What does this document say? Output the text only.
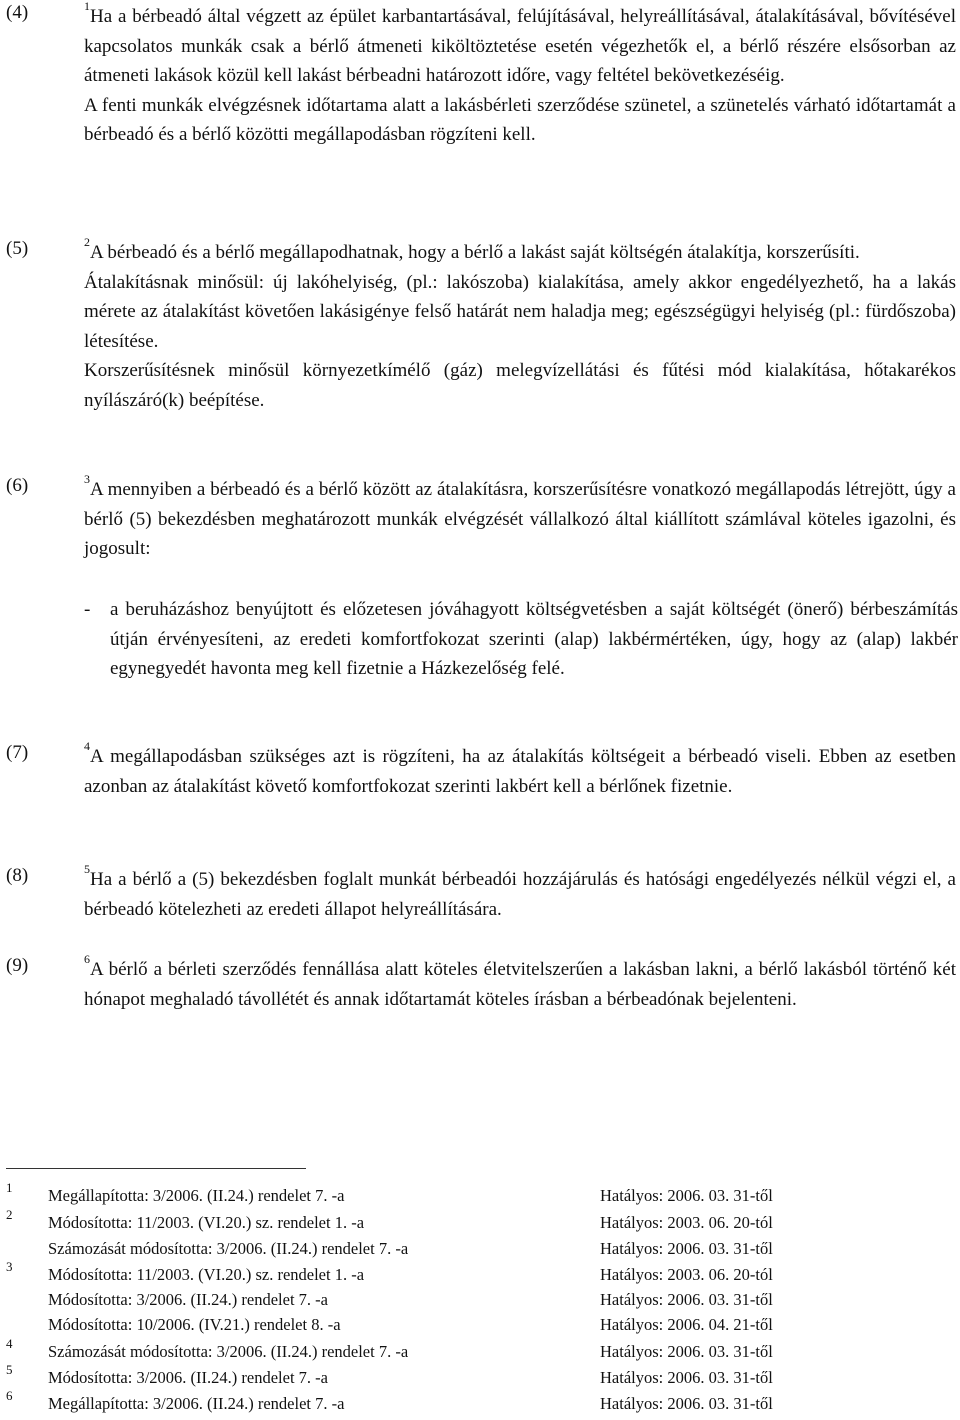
(4)	$^1$Ha a bérbeadó által végzett az épület karbantartásával, felújításával, helyreállításával, átalakításával, bővítésével kapcsolatos munkák csak a bérlő átmeneti kiköltöztetése esetén végezhetők el, a bérlő részére elsősorban az átmeneti lakások közül kell lakást bérbeadni határozott időre, vagy feltétel bekövetkezéséig.

A fenti munkák elvégzésnek időtartama alatt a lakásbérleti szerződése szünetel, a szünetelés várható időtartamát a bérbeadó és a bérlő közötti megállapodásban rögzíteni kell.

(5)	$^2$A bérbeadó és a bérlő megállapodhatnak, hogy a bérlő a lakást saját költségén átalakítja, korszerűsíti.

Átalakításnak minősül: új lakóhelyiség, (pl.: lakószoba) kialakítása, amely akkor engedélyezhető, ha a lakás mérete az átalakítást követően lakásigénye felső határát nem haladja meg; egészségügyi helyiség (pl.: fürdőszoba) létesítése.

Korszerűsítésnek minősül környezetkímélő (gáz) melegvízellátási és fűtési mód kialakítása, hőtakarékos nyílászáró(k) beépítése.

(6)	$^3$A mennyiben a bérbeadó és a bérlő között az átalakításra, korszerűsítésre vonatkozó megállapodás létrejött, úgy a bérlő (5) bekezdésben meghatározott munkák elvégzését vállalkozó által kiállított számlával köteles igazolni, és jogosult:

- a beruházáshoz benyújtott és előzetesen jóváhagyott költségvetésben a saját költségét (önerő) bérbeszámítás útján érvényesíteni, az eredeti komfortfokozat szerinti (alap) lakbérmértéken, úgy, hogy az (alap) lakbér egynegyedét havonta meg kell fizetnie a Házkezelőség felé.
(7)	$^4$A megállapodásban szükséges azt is rögzíteni, ha az átalakítás költségeit a bérbeadó viseli. Ebben az esetben azonban az átalakítást követő komfortfokozat szerinti lakbért kell a bérlőnek fizetnie.

(8)	$^5$Ha a bérlő a (5) bekezdésben foglalt munkát bérbeadói hozzájárulás és hatósági engedélyezés nélkül végzi el, a bérbeadó kötelezheti az eredeti állapot helyreállítására.

(9)	$^6$A bérlő a bérleti szerződés fennállása alatt köteles életvitelszerűen a lakásban lakni, a bérlő lakásból történő két hónapot meghaladó távollétét és annak időtartamát köteles írásban a bérbeadónak bejelenteni.

1 Megállapította: 3/2006. (II.24.) rendelet 7. -a	Hatályos: 2006. 03. 31-től
2 Módosította: 11/2003. (VI.20.) sz. rendelet 1. -a	Hatályos: 2003. 06. 20-tól
Számozását módosította: 3/2006. (II.24.) rendelet 7. -a	Hatályos: 2006. 03. 31-től
3 Módosította: 11/2003. (VI.20.) sz. rendelet 1. -a	Hatályos: 2003. 06. 20-tól
Módosította: 3/2006. (II.24.) rendelet 7. -a	Hatályos: 2006. 03. 31-től
Módosította: 10/2006. (IV.21.) rendelet 8. -a	Hatályos: 2006. 04. 21-től
4 Számozását módosította: 3/2006. (II.24.) rendelet 7. -a	Hatályos: 2006. 03. 31-től
5 Módosította: 3/2006. (II.24.) rendelet 7. -a	Hatályos: 2006. 03. 31-től
6 Megállapította: 3/2006. (II.24.) rendelet 7. -a	Hatályos: 2006. 03. 31-től
